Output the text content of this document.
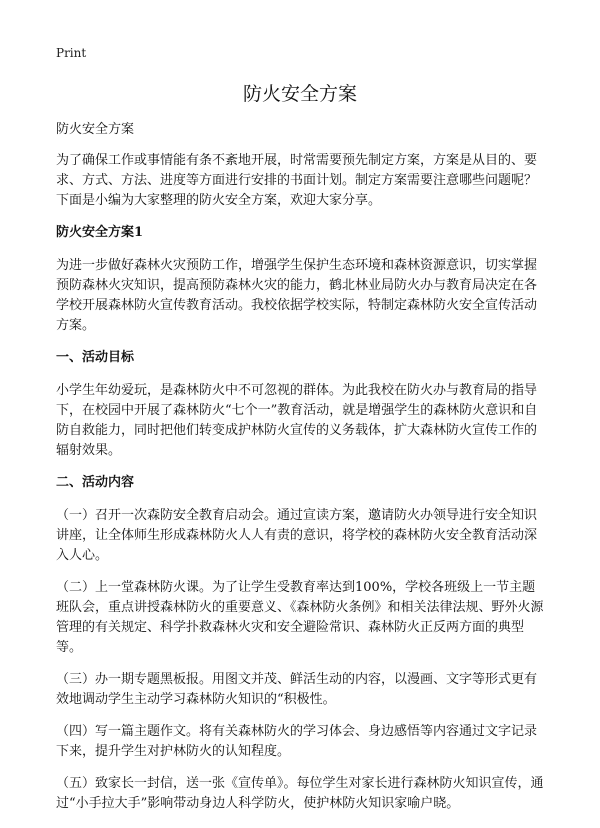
Print
防火安全方案

防火安全方案

为了确保工作或事情能有条不紊地开展，时常需要预先制定方案，方案是从目的、要求、方式、方法、进度等方面进行安排的书面计划。制定方案需要注意哪些问题呢？下面是小编为大家整理的防火安全方案，欢迎大家分享。

防火安全方案1

为进一步做好森林火灾预防工作，增强学生保护生态环境和森林资源意识，切实掌握预防森林火灾知识，提高预防森林火灾的能力，鹤北林业局防火办与教育局决定在各学校开展森林防火宣传教育活动。我校依据学校实际，特制定森林防火安全宣传活动方案。

一、活动目标

小学生年幼爱玩，是森林防火中不可忽视的群体。为此我校在防火办与教育局的指导下，在校园中开展了森林防火“七个一”教育活动，就是增强学生的森林防火意识和自防自救能力，同时把他们转变成护林防火宣传的义务载体，扩大森林防火宣传工作的辐射效果。

二、活动内容

（一）召开一次森防安全教育启动会。通过宣读方案，邀请防火办领导进行安全知识讲座，让全体师生形成森林防火人人有责的意识，将学校的森林防火安全教育活动深入人心。

（二）上一堂森林防火课。为了让学生受教育率达到100%，学校各班级上一节主题班队会，重点讲授森林防火的重要意义、《森林防火条例》和相关法律法规、野外火源管理的有关规定、科学扑救森林火灾和安全避险常识、森林防火正反两方面的典型等。

（三）办一期专题黑板报。用图文并茂、鲜活生动的内容，以漫画、文字等形式更有效地调动学生主动学习森林防火知识的“积极性。

（四）写一篇主题作文。将有关森林防火的学习体会、身边感悟等内容通过文字记录下来，提升学生对护林防火的认知程度。

（五）致家长一封信，送一张《宣传单》。每位学生对家长进行森林防火知识宣传，通过“小手拉大手”影响带动身边人科学防火，使护林防火知识家喻户晓。
